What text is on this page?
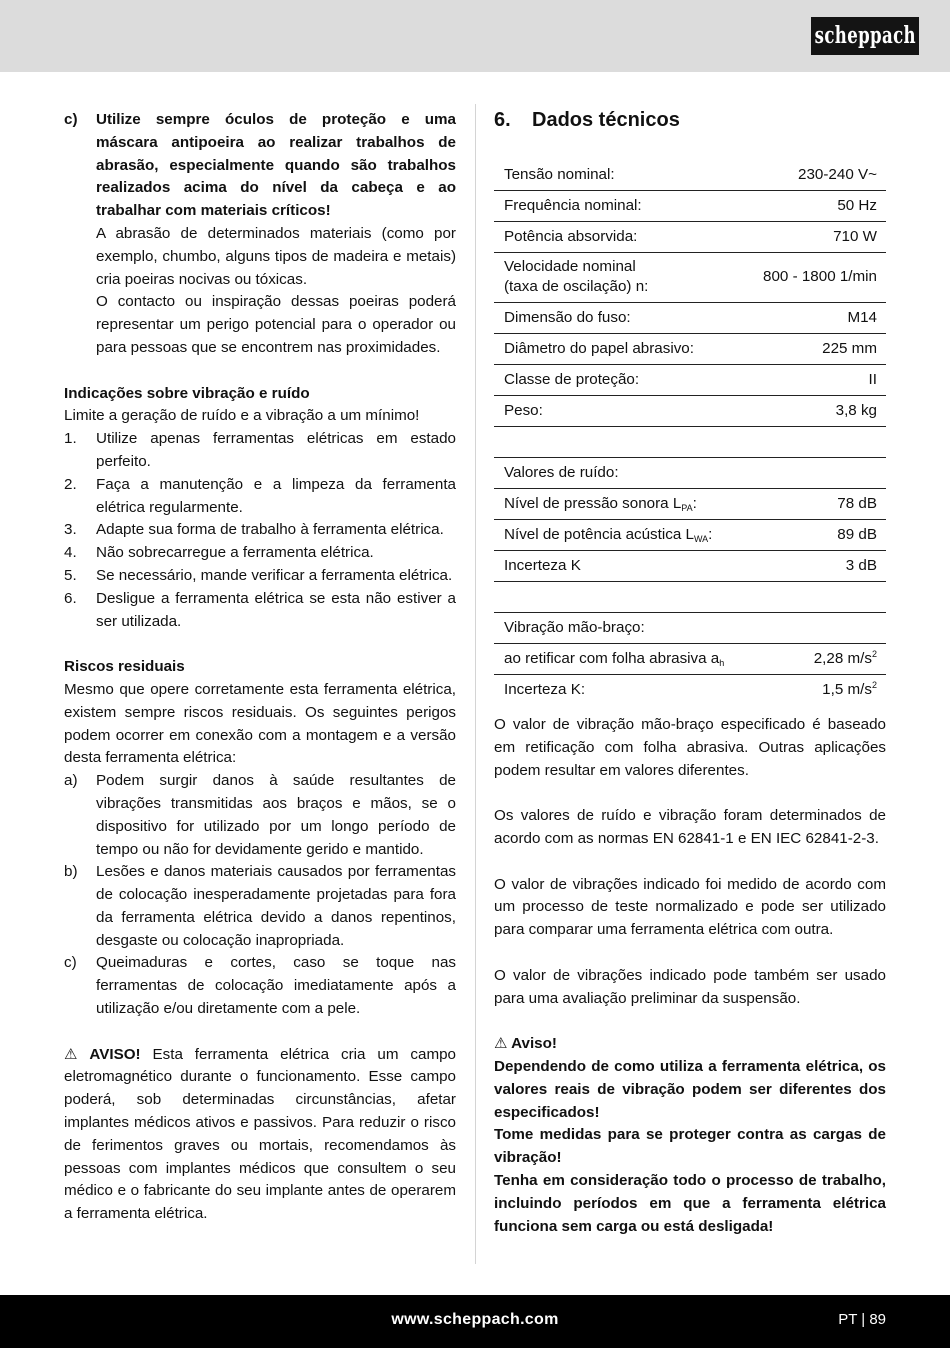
scheppach
c)	Utilize sempre óculos de proteção e uma máscara antipoeira ao realizar trabalhos de abrasão, especialmente quando são trabalhos realizados acima do nível da cabeça e ao trabalhar com materiais críticos!

A abrasão de determinados materiais (como por exemplo, chumbo, alguns tipos de madeira e metais) cria poeiras nocivas ou tóxicas.

O contacto ou inspiração dessas poeiras poderá representar um perigo potencial para o operador ou para pessoas que se encontrem nas proximidades.

Indicações sobre vibração e ruído

Limite a geração de ruído e a vibração a um mínimo!

1.	Utilize apenas ferramentas elétricas em estado perfeito.
2.	Faça a manutenção e a limpeza da ferramenta elétrica regularmente.
3.	Adapte sua forma de trabalho à ferramenta elétrica.
4.	Não sobrecarregue a ferramenta elétrica.
5.	Se necessário, mande verificar a ferramenta elétrica.
6.	Desligue a ferramenta elétrica se esta não estiver a ser utilizada.

Riscos residuais

Mesmo que opere corretamente esta ferramenta elétrica, existem sempre riscos residuais. Os seguintes perigos podem ocorrer em conexão com a montagem e a versão desta ferramenta elétrica:

a)	Podem surgir danos à saúde resultantes de vibrações transmitidas aos braços e mãos, se o dispositivo for utilizado por um longo período de tempo ou não for devidamente gerido e mantido.
b)	Lesões e danos materiais causados por ferramentas de colocação inesperadamente projetadas para fora da ferramenta elétrica devido a danos repentinos, desgaste ou colocação inapropriada.
c)	Queimaduras e cortes, caso se toque nas ferramentas de colocação imediatamente após a utilização e/ou diretamente com a pele.

⚠ AVISO! Esta ferramenta elétrica cria um campo eletromagnético durante o funcionamento. Esse campo poderá, sob determinadas circunstâncias, afetar implantes médicos ativos e passivos. Para reduzir o risco de ferimentos graves ou mortais, recomendamos às pessoas com implantes médicos que consultem o seu médico e o fabricante do seu implante antes de operarem a ferramenta elétrica.

6.	Dados técnicos
Tensão nominal:	230-240 V~
Frequência nominal:	50 Hz
Potência absorvida:	710 W
Velocidade nominal
(taxa de oscilação) n:	800 - 1800 1/min
Dimensão do fuso:	M14
Diâmetro do papel abrasivo:	225 mm
Classe de proteção:	II
Peso:	3,8 kg

Valores de ruído:	
Nível de pressão sonora $L_{PA}$:	78 dB
Nível de potência acústica $L_{WA}$:	89 dB
Incerteza K	3 dB

Vibração mão-braço:	
ao retificar com folha abrasiva $a_h$	2,28 $m/s^2$
Incerteza K:	1,5 $m/s^2$

O valor de vibração mão-braço especificado é baseado em retificação com folha abrasiva. Outras aplicações podem resultar em valores diferentes.

Os valores de ruído e vibração foram determinados de acordo com as normas EN 62841-1 e EN IEC 62841-2-3.

O valor de vibrações indicado foi medido de acordo com um processo de teste normalizado e pode ser utilizado para comparar uma ferramenta elétrica com outra.

O valor de vibrações indicado pode também ser usado para uma avaliação preliminar da suspensão.

⚠ Aviso!

Dependendo de como utiliza a ferramenta elétrica, os valores reais de vibração podem ser diferentes dos especificados!

Tome medidas para se proteger contra as cargas de vibração!

Tenha em consideração todo o processo de trabalho, incluindo períodos em que a ferramenta elétrica funciona sem carga ou está desligada!

www.scheppach.com	PT | 89
